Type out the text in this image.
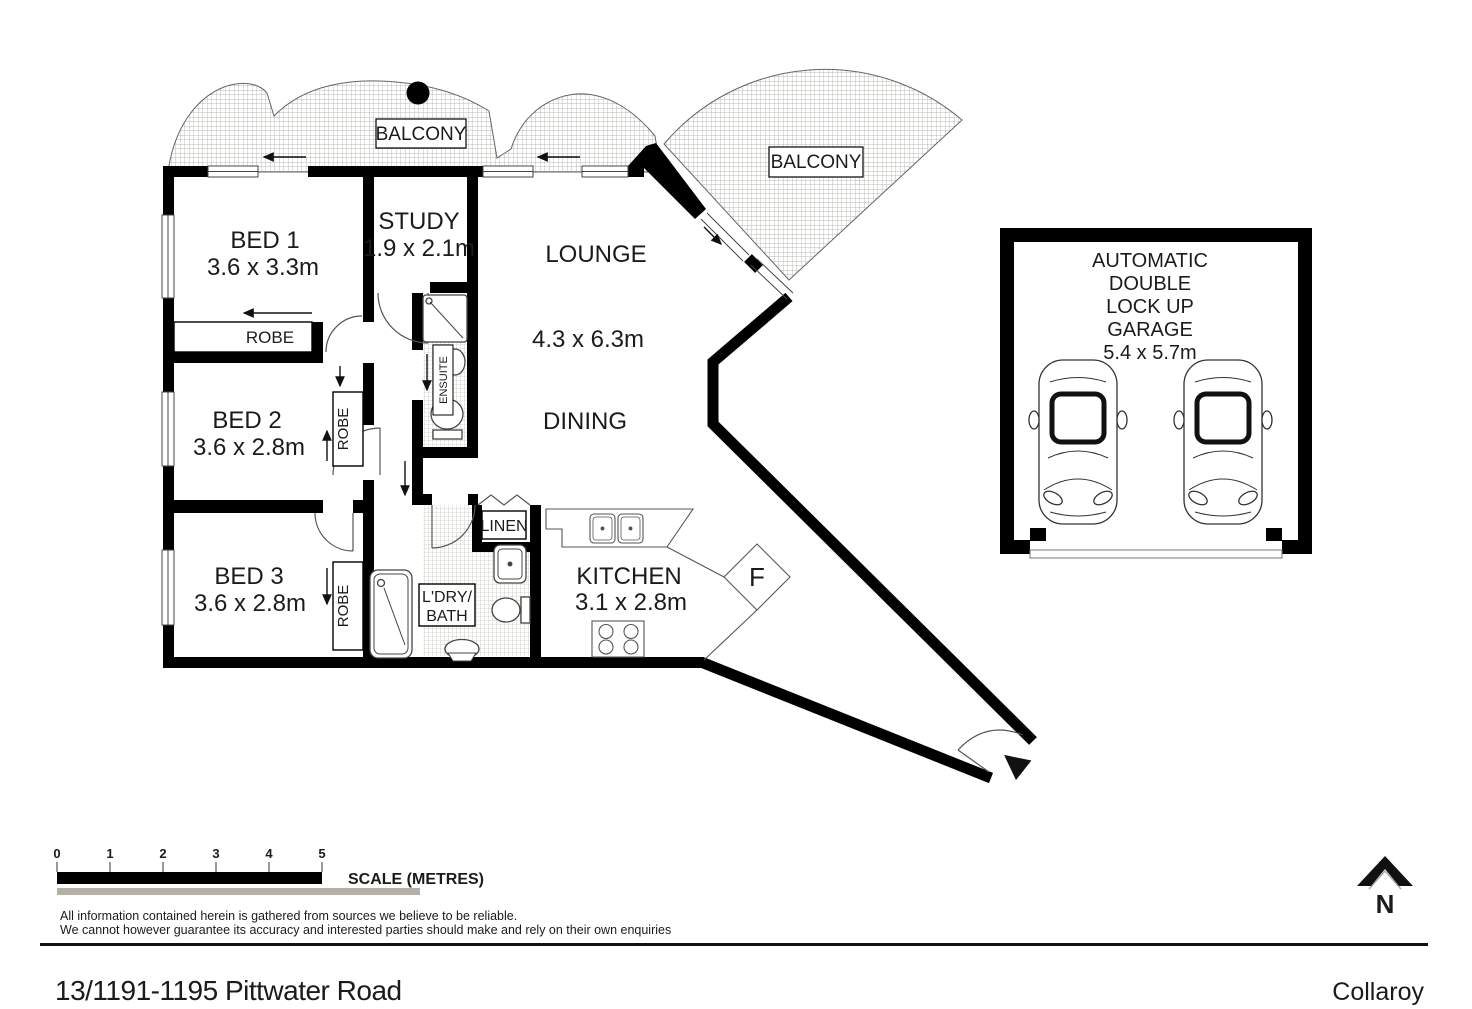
BALCONY
BALCONY
F
ROBE
ROBE
ROBE
LINEN
ENSUITE
L'DRY/
BATH
BED 1
3.6 x 3.3m
STUDY
1.9 x 2.1m	LOUNGE
4.3 x 6.3m
DINING
BED 2
3.6 x 2.8m
BED 3
3.6 x 2.8m
KITCHEN
3.1 x 2.8m
AUTOMATIC
DOUBLE
LOCK UP
GARAGE
5.4 x 5.7m
0	1	2	3	4	5
SCALE (METRES)
All information contained herein is gathered from sources we believe to be reliable.
We cannot however guarantee its accuracy and interested parties should make and rely on their own enquiries
N
13/1191-1195 Pittwater Road	Collaroy
